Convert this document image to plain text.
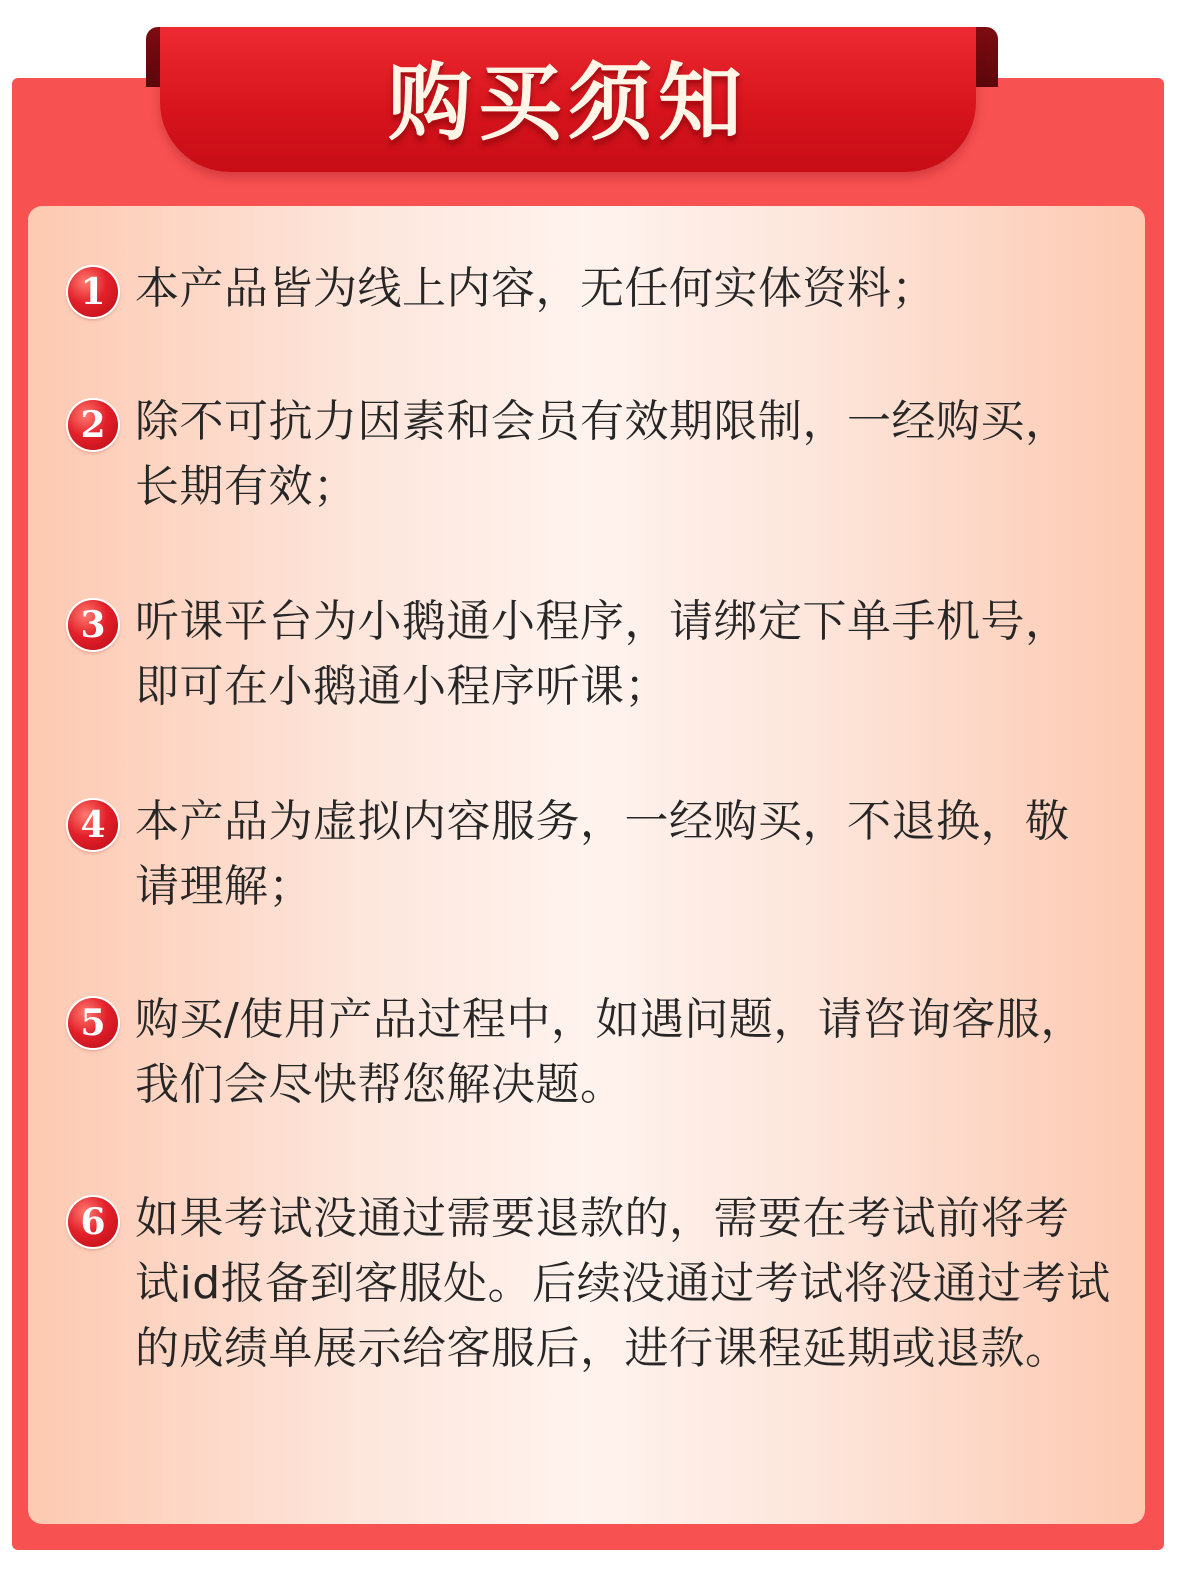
购买须知
1 本产品皆为线上内容，无任何实体资料；
2 除不可抗力因素和会员有效期限制，一经购买，长期有效；
3 听课平台为小鹅通小程序，请绑定下单手机号，即可在小鹅通小程序听课；
4 本产品为虚拟内容服务，一经购买，不退换，敬请理解；
5 购买/使用产品过程中，如遇问题，请咨询客服，我们会尽快帮您解决题。
6 如果考试没通过需要退款的，需要在考试前将考试id报备到客服处。后续没通过考试将没通过考试的成绩单展示给客服后，进行课程延期或退款。
